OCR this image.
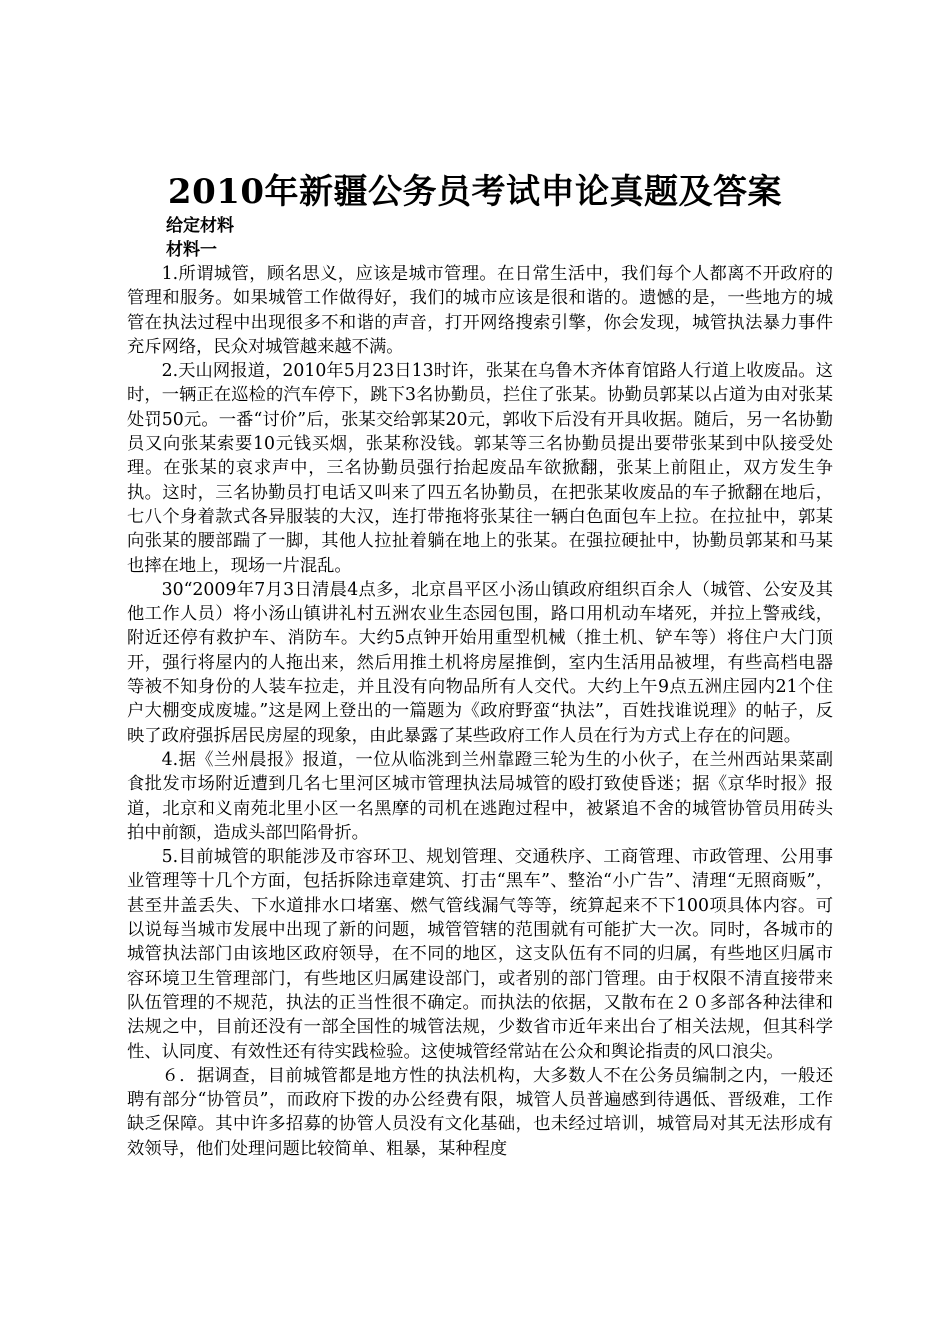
2010年新疆公务员考试申论真题及答案
给定材料
材料一

1.所谓城管，顾名思义，应该是城市管理。在日常生活中，我们每个人都离不开政府的管理和服务。如果城管工作做得好，我们的城市应该是很和谐的。遗憾的是，一些地方的城管在执法过程中出现很多不和谐的声音，打开网络搜索引擎，你会发现，城管执法暴力事件充斥网络，民众对城管越来越不满。

2.天山网报道，2010年5月23日13时许，张某在乌鲁木齐体育馆路人行道上收废品。这时，一辆正在巡检的汽车停下，跳下3名协勤员，拦住了张某。协勤员郭某以占道为由对张某处罚50元。一番“讨价”后，张某交给郭某20元，郭收下后没有开具收据。随后，另一名协勤员又向张某索要10元钱买烟，张某称没钱。郭某等三名协勤员提出要带张某到中队接受处理。在张某的哀求声中，三名协勤员强行抬起废品车欲掀翻，张某上前阻止，双方发生争执。这时，三名协勤员打电话又叫来了四五名协勤员，在把张某收废品的车子掀翻在地后，七八个身着款式各异服装的大汉，连打带拖将张某往一辆白色面包车上拉。在拉扯中，郭某向张某的腰部踹了一脚，其他人拉扯着躺在地上的张某。在强拉硬扯中，协勤员郭某和马某也摔在地上，现场一片混乱。

30“2009年7月3日清晨4点多，北京昌平区小汤山镇政府组织百余人（城管、公安及其他工作人员）将小汤山镇讲礼村五洲农业生态园包围，路口用机动车堵死，并拉上警戒线，附近还停有救护车、消防车。大约5点钟开始用重型机械（推土机、铲车等）将住户大门顶开，强行将屋内的人拖出来，然后用推土机将房屋推倒，室内生活用品被埋，有些高档电器等被不知身份的人装车拉走，并且没有向物品所有人交代。大约上午9点五洲庄园内21个住户大棚变成废墟。”这是网上登出的一篇题为《政府野蛮“执法”，百姓找谁说理》的帖子，反映了政府强拆居民房屋的现象，由此暴露了某些政府工作人员在行为方式上存在的问题。

4.据《兰州晨报》报道，一位从临洮到兰州靠蹬三轮为生的小伙子，在兰州西站果菜副食批发市场附近遭到几名七里河区城市管理执法局城管的殴打致使昏迷；据《京华时报》报道，北京和义南苑北里小区一名黑摩的司机在逃跑过程中，被紧追不舍的城管协管员用砖头拍中前额，造成头部凹陷骨折。

5.目前城管的职能涉及市容环卫、规划管理、交通秩序、工商管理、市政管理、公用事业管理等十几个方面，包括拆除违章建筑、打击“黑车”、整治“小广告”、清理“无照商贩”，甚至井盖丢失、下水道排水口堵塞、燃气管线漏气等等，统算起来不下100项具体内容。可以说每当城市发展中出现了新的问题，城管管辖的范围就有可能扩大一次。同时，各城市的城管执法部门由该地区政府领导，在不同的地区，这支队伍有不同的归属，有些地区归属市容环境卫生管理部门，有些地区归属建设部门，或者别的部门管理。由于权限不清直接带来队伍管理的不规范，执法的正当性很不确定。而执法的依据，又散布在２０多部各种法律和法规之中，目前还没有一部全国性的城管法规，少数省市近年来出台了相关法规，但其科学性、认同度、有效性还有待实践检验。这使城管经常站在公众和舆论指责的风口浪尖。

６．据调查，目前城管都是地方性的执法机构，大多数人不在公务员编制之内，一般还聘有部分“协管员”，而政府下拨的办公经费有限，城管人员普遍感到待遇低、晋级难，工作缺乏保障。其中许多招募的协管人员没有文化基础，也未经过培训，城管局对其无法形成有效领导，他们处理问题比较简单、粗暴，某种程度
